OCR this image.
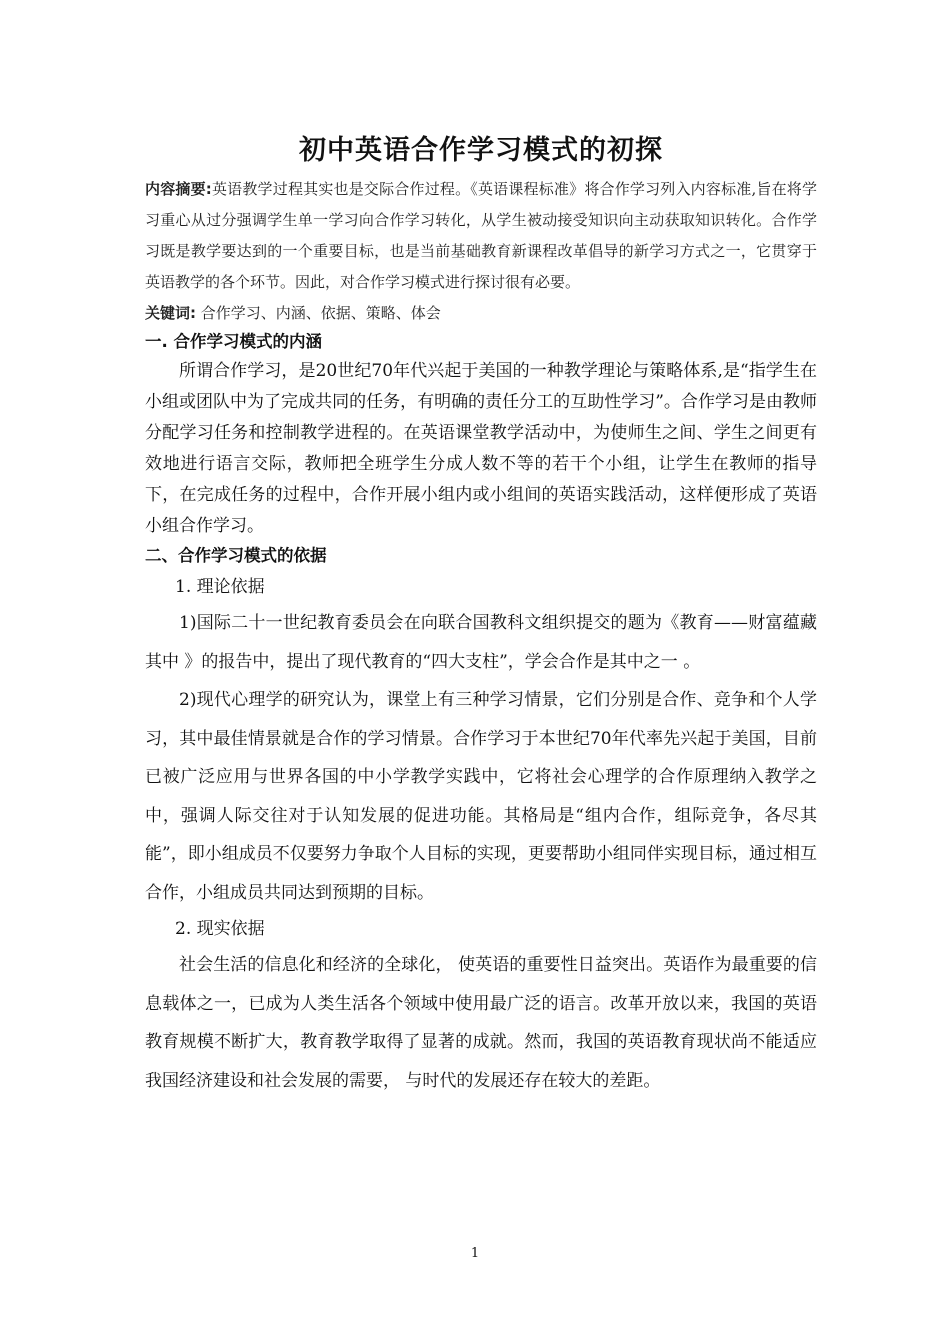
初中英语合作学习模式的初探

内容摘要:英语教学过程其实也是交际合作过程。《英语课程标准》将合作学习列入内容标准,旨在将学习重心从过分强调学生单一学习向合作学习转化，从学生被动接受知识向主动获取知识转化。合作学习既是教学要达到的一个重要目标，也是当前基础教育新课程改革倡导的新学习方式之一，它贯穿于英语教学的各个环节。因此，对合作学习模式进行探讨很有必要。

关键词: 合作学习、内涵、依据、策略、体会

一. 合作学习模式的内涵

所谓合作学习，是20世纪70年代兴起于美国的一种教学理论与策略体系,是“指学生在小组或团队中为了完成共同的任务，有明确的责任分工的互助性学习”。合作学习是由教师分配学习任务和控制教学进程的。在英语课堂教学活动中，为使师生之间、学生之间更有效地进行语言交际，教师把全班学生分成人数不等的若干个小组，让学生在教师的指导下，在完成任务的过程中，合作开展小组内或小组间的英语实践活动，这样便形成了英语小组合作学习。

二、合作学习模式的依据

1. 理论依据

1)国际二十一世纪教育委员会在向联合国教科文组织提交的题为《教育——财富蕴藏其中 》的报告中，提出了现代教育的“四大支柱”，学会合作是其中之一 。

2)现代心理学的研究认为，课堂上有三种学习情景，它们分别是合作、竞争和个人学习，其中最佳情景就是合作的学习情景。合作学习于本世纪70年代率先兴起于美国，目前已被广泛应用与世界各国的中小学教学实践中，它将社会心理学的合作原理纳入教学之中，强调人际交往对于认知发展的促进功能。其格局是“组内合作，组际竞争，各尽其能”，即小组成员不仅要努力争取个人目标的实现，更要帮助小组同伴实现目标，通过相互合作，小组成员共同达到预期的目标。

2. 现实依据

社会生活的信息化和经济的全球化， 使英语的重要性日益突出。英语作为最重要的信息载体之一，已成为人类生活各个领域中使用最广泛的语言。改革开放以来，我国的英语教育规模不断扩大，教育教学取得了显著的成就。然而，我国的英语教育现状尚不能适应我国经济建设和社会发展的需要， 与时代的发展还存在较大的差距。

1
